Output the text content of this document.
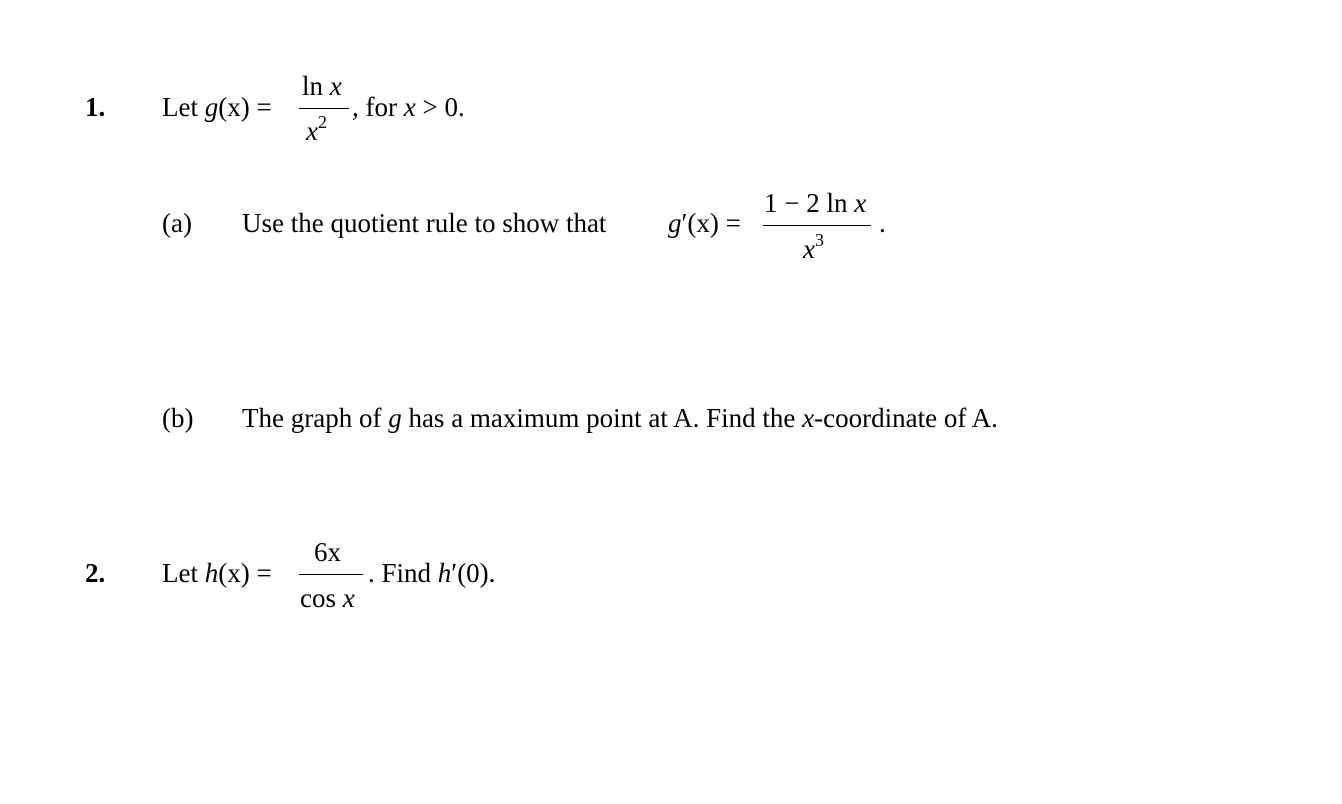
1. Let g(x) =
ln x
$x^2$ , for x > 0.
(a) Use the quotient rule to show that g′(x) =
1 − 2 ln x
$x^3$
.
(b) The graph of g has a maximum point at A. Find the x-coordinate of A.
2. Let h(x) =
6x
cos x
. Find h′(0).
